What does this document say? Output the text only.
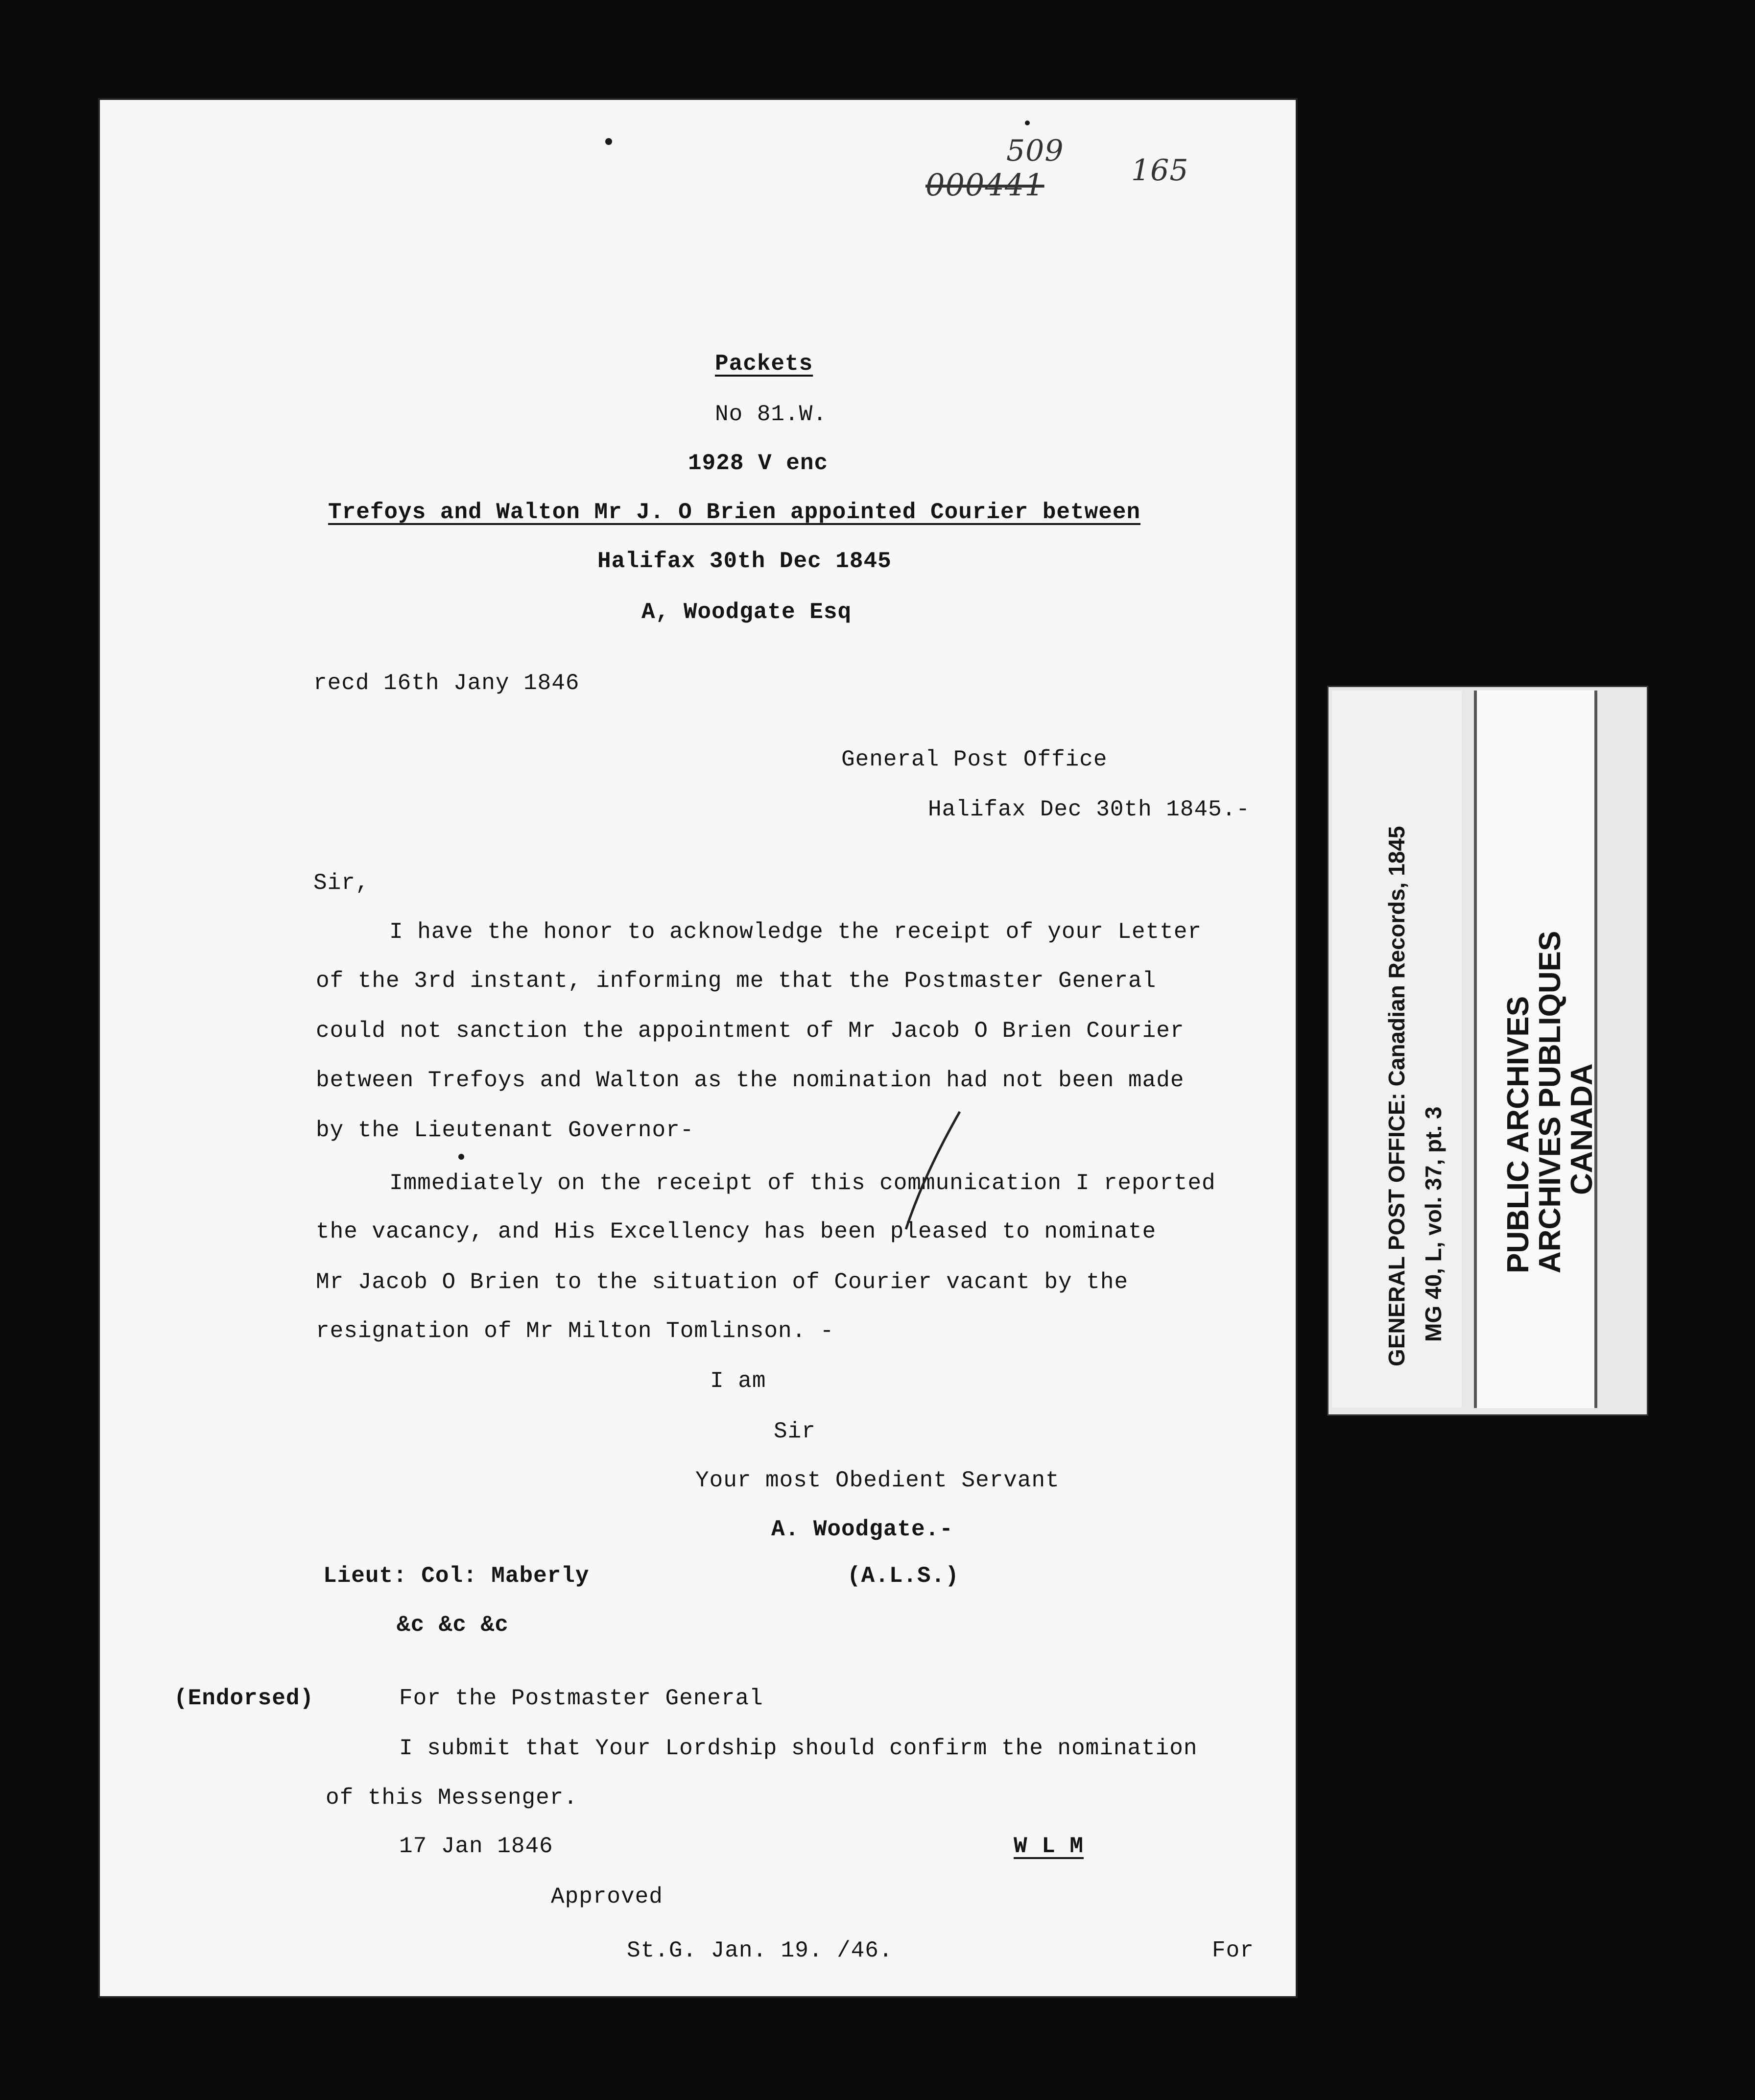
509
000441	165
Packets
No 81.W.
1928 V enc
Trefoys and Walton Mr J. O Brien appointed Courier between
Halifax 30th Dec 1845
A, Woodgate Esq
recd 16th Jany 1846
General Post Office
Halifax Dec 30th 1845.-
Sir,
I have the honor to acknowledge the receipt of your Letter
of the 3rd instant, informing me that the Postmaster General
could not sanction the appointment of Mr Jacob O Brien Courier
between Trefoys and Walton as the nomination had not been made
by the Lieutenant Governor-
Immediately on the receipt of this communication I reported
the vacancy, and His Excellency has been pleased to nominate
Mr Jacob O Brien to the situation of Courier vacant by the
resignation of Mr Milton Tomlinson. -
I am
Sir
Your most Obedient Servant
A. Woodgate.-
(A.L.S.)
Lieut: Col: Maberly
&c &c &c
(Endorsed)	For the Postmaster General
I submit that Your Lordship should confirm the nomination
of this Messenger.
17 Jan 1846	W L M
Approved
St.G. Jan. 19. /46.	For
GENERAL POST OFFICE: Canadian Records, 1845 MG 40, L, vol. 37, pt. 3 PUBLIC ARCHIVES
ARCHIVES PUBLIQUES
CANADA
